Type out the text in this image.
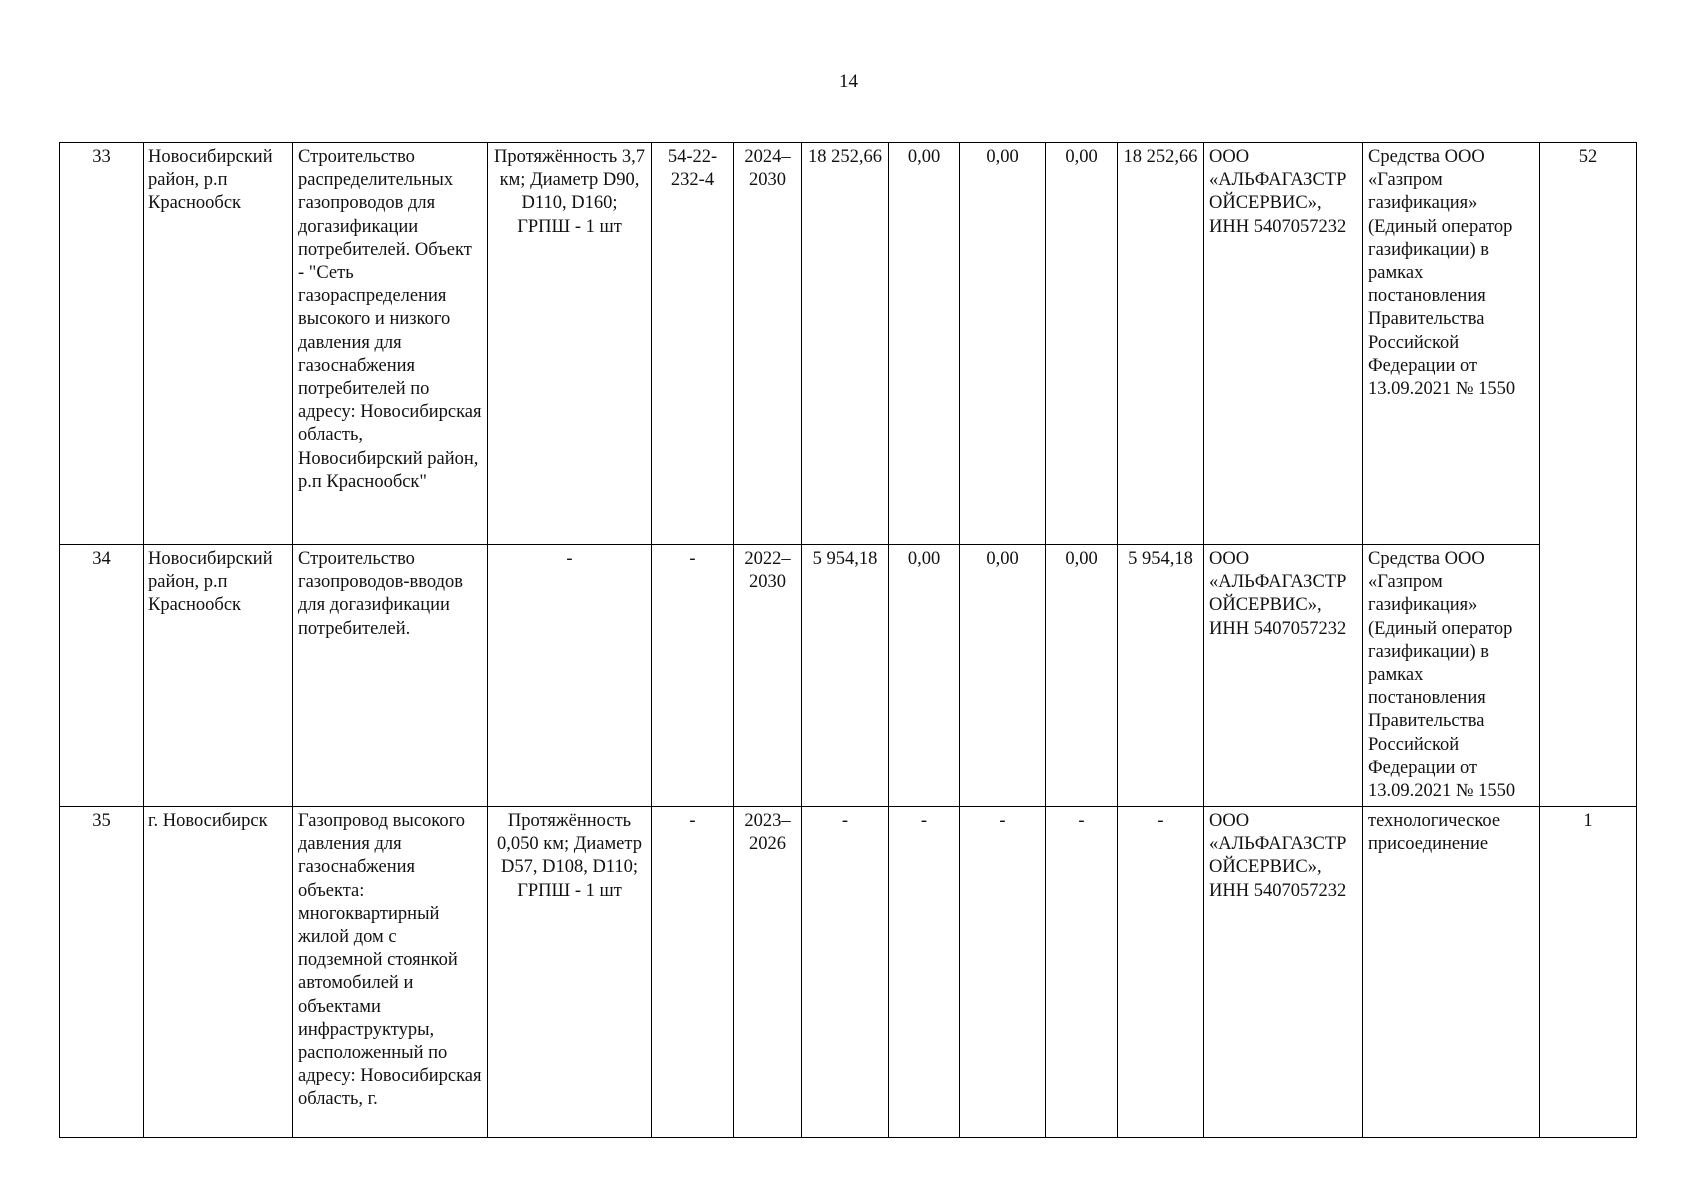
14
33	Новосибирский район, р.п Краснообск	Строительство распределительных газопроводов для догазификации потребителей. Объект - "Сеть газораспределения высокого и низкого давления для газоснабжения потребителей по адресу: Новосибирская область, Новосибирский район, р.п Краснообск"	Протяжённость 3,7 км; Диаметр D90, D110, D160; ГРПШ - 1 шт	54-22-232-4	2024–2030	18 252,66	0,00	0,00	0,00	18 252,66	ООО «АЛЬФАГАЗСТРОЙСЕРВИС», ИНН 5407057232	Средства ООО «Газпром газификация» (Единый оператор газификации) в рамках постановления Правительства Российской Федерации от 13.09.2021 № 1550	52
34	Новосибирский район, р.п Краснообск	Строительство газопроводов-вводов для догазификации потребителей.	-	-	2022–2030	5 954,18	0,00	0,00	0,00	5 954,18	ООО «АЛЬФАГАЗСТРОЙСЕРВИС», ИНН 5407057232	Средства ООО «Газпром газификация» (Единый оператор газификации) в рамках постановления Правительства Российской Федерации от 13.09.2021 № 1550	
35	г. Новосибирск	Газопровод высокого давления для газоснабжения объекта: многоквартирный жилой дом с подземной стоянкой автомобилей и объектами инфраструктуры, расположенный по адресу: Новосибирская область, г.	Протяжённость 0,050 км; Диаметр D57, D108, D110; ГРПШ - 1 шт	-	2023–2026	-	-	-	-	-	ООО «АЛЬФАГАЗСТРОЙСЕРВИС», ИНН 5407057232	технологическое присоединение	1
